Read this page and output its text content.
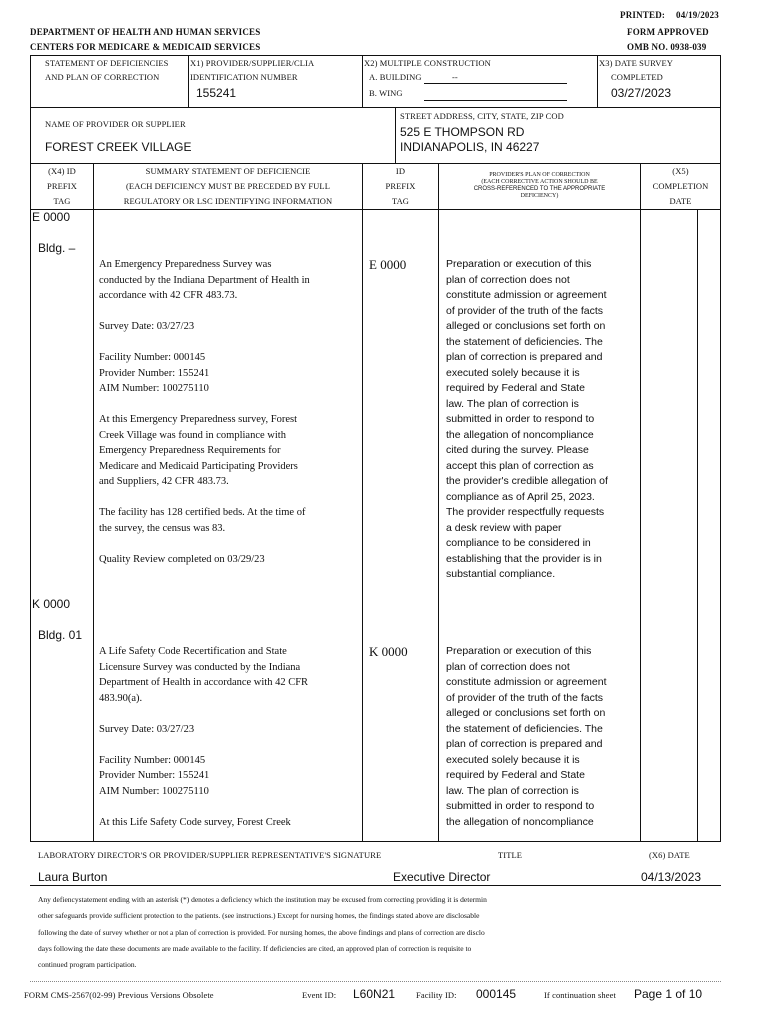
PRINTED: 04/19/2023
DEPARTMENT OF HEALTH AND HUMAN SERVICES	FORM APPROVED
CENTERS FOR MEDICARE & MEDICAID SERVICES	OMB NO. 0938-039
STATEMENT OF DEFICIENCIES
AND PLAN OF CORRECTION
X1) PROVIDER/SUPPLIER/CLIA
IDENTIFICATION NUMBER
155241
X2) MULTIPLE CONSTRUCTION
A. BUILDING	--
B. WING
X3) DATE SURVEY
COMPLETED
03/27/2023
NAME OF PROVIDER OR SUPPLIER
FOREST CREEK VILLAGE
STREET ADDRESS, CITY, STATE, ZIP COD
525 E THOMPSON RD
INDIANAPOLIS, IN 46227
(X4) ID
PREFIX
TAG
SUMMARY STATEMENT OF DEFICIENCIE
(EACH DEFICIENCY MUST BE PRECEDED BY FULL
REGULATORY OR LSC IDENTIFYING INFORMATION
ID
PREFIX
TAG
PROVIDER'S PLAN OF CORRECTION
(EACH CORRECTIVE ACTION SHOULD BE
CROSS-REFERENCED TO THE APPROPRIATE
DEFICIENCY)
(X5)
COMPLETION
DATE
E 0000
Bldg. –
An Emergency Preparedness Survey was
conducted by the Indiana Department of Health in
accordance with 42 CFR 483.73.

Survey Date: 03/27/23

Facility Number: 000145
Provider Number: 155241
AIM Number: 100275110

At this Emergency Preparedness survey, Forest
Creek Village was found in compliance with
Emergency Preparedness Requirements for
Medicare and Medicaid Participating Providers
and Suppliers, 42 CFR 483.73.

The facility has 128 certified beds. At the time of
the survey, the census was 83.

Quality Review completed on 03/29/23
E 0000	Preparation or execution of this
plan of correction does not
constitute admission or agreement
of provider of the truth of the facts
alleged or conclusions set forth on
the statement of deficiencies. The
plan of correction is prepared and
executed solely because it is
required by Federal and State
law. The plan of correction is
submitted in order to respond to
the allegation of noncompliance
cited during the survey. Please
accept this plan of correction as
the provider's credible allegation of
compliance as of April 25, 2023.
The provider respectfully requests
a desk review with paper
compliance to be considered in
establishing that the provider is in
substantial compliance.
K 0000
Bldg. 01
A Life Safety Code Recertification and State
Licensure Survey was conducted by the Indiana
Department of Health in accordance with 42 CFR
483.90(a).

Survey Date: 03/27/23

Facility Number: 000145
Provider Number: 155241
AIM Number: 100275110

At this Life Safety Code survey, Forest Creek
K 0000	Preparation or execution of this
plan of correction does not
constitute admission or agreement
of provider of the truth of the facts
alleged or conclusions set forth on
the statement of deficiencies. The
plan of correction is prepared and
executed solely because it is
required by Federal and State
law. The plan of correction is
submitted in order to respond to
the allegation of noncompliance
LABORATORY DIRECTOR'S OR PROVIDER/SUPPLIER REPRESENTATIVE'S SIGNATURE	TITLE	(X6) DATE
Laura Burton	Executive Director	04/13/2023
Any defiencystatement ending with an asterisk (*) denotes a deficiency which the institution may be excused from correcting providing it is determin
other safeguards provide sufficient protection to the patients. (see instructions.) Except for nursing homes, the findings stated above are disclosable
following the date of survey whether or not a plan of correction is provided. For nursing homes, the above findings and plans of correction are disclo
days following the date these documents are made available to the facility. If deficiencies are cited, an approved plan of correction is requisite to
continued program participation.
FORM CMS-2567(02-99) Previous Versions Obsolete	Event ID: L60N21 Facility ID: 000145	If continuation sheet Page 1 of 10
